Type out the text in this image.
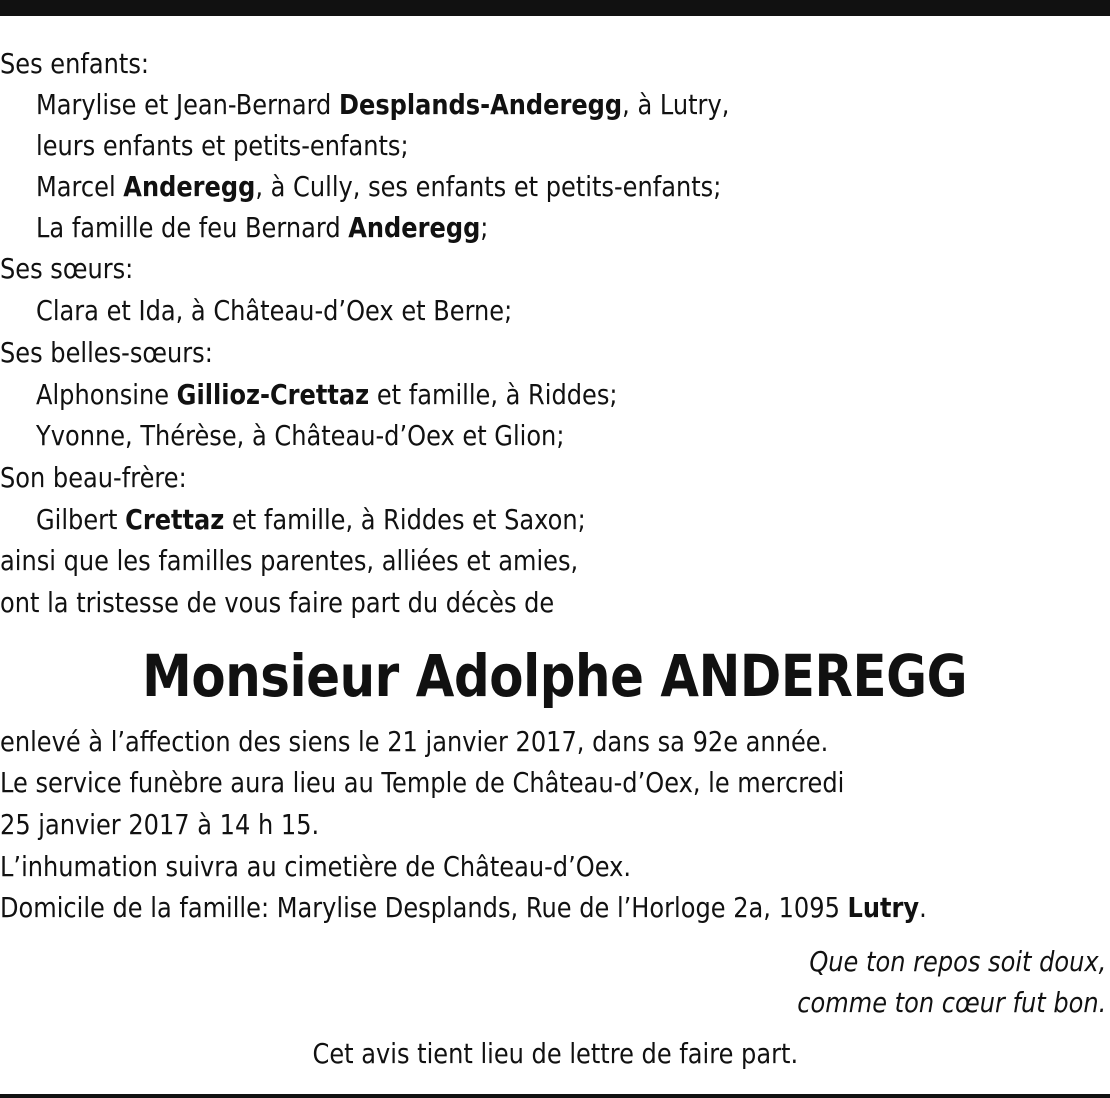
Ses enfants:
Marylise et Jean-Bernard Desplands-Anderegg, à Lutry,
leurs enfants et petits-enfants;
Marcel Anderegg, à Cully, ses enfants et petits-enfants;
La famille de feu Bernard Anderegg;
Ses sœurs:
Clara et Ida, à Château-d’Oex et Berne;
Ses belles-sœurs:
Alphonsine Gillioz-Crettaz et famille, à Riddes;
Yvonne, Thérèse, à Château-d’Oex et Glion;
Son beau-frère:
Gilbert Crettaz et famille, à Riddes et Saxon;
ainsi que les familles parentes, alliées et amies,
ont la tristesse de vous faire part du décès de
Monsieur Adolphe ANDEREGG
enlevé à l’affection des siens le 21 janvier 2017, dans sa 92e année.
Le service funèbre aura lieu au Temple de Château-d’Oex, le mercredi
25 janvier 2017 à 14 h 15.
L’inhumation suivra au cimetière de Château-d’Oex.
Domicile de la famille: Marylise Desplands, Rue de l’Horloge 2a, 1095 Lutry.
Que ton repos soit doux,
comme ton cœur fut bon.
Cet avis tient lieu de lettre de faire part.
